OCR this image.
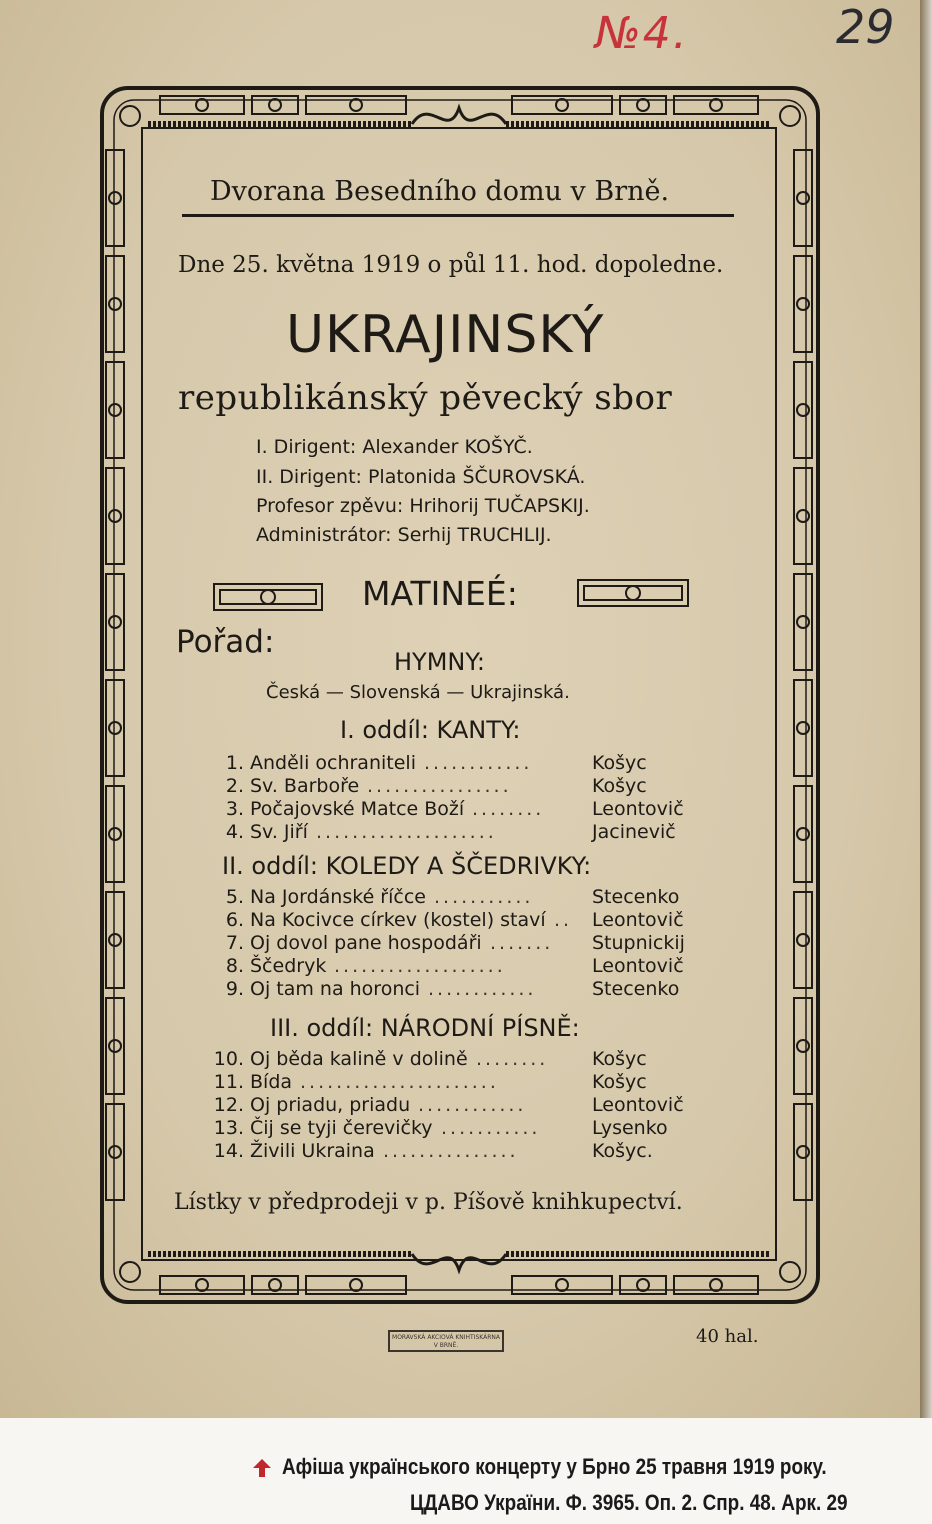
№4.	29
Dvorana Besedního domu v Brně.
Dne 25. května 1919 o půl 11. hod. dopoledne.
UKRAJINSKÝ
republikánský pěvecký sbor
I. Dirigent: Alexander KOŠYČ.
II. Dirigent: Platonida ŠČUROVSKÁ.
Profesor zpěvu: Hrihorij TUČAPSKIJ.
Administrátor: Serhij TRUCHLIJ.
MATINEÉ:
Pořad:
HYMNY:
Česká — Slovenská — Ukrajinská.
I. oddíl: KANTY:
II. oddíl: KOLEDY A ŠČEDRIVKY:
III. oddíl: NÁRODNÍ PÍSNĚ:
1. Anděli ochraniteli ............	Košyc
2. Sv. Barboře ................	Košyc
3. Počajovské Matce Boží ........	Leontovič
4. Sv. Jiří ....................	Jacinevič
5. Na Jordánské říčce ...........	Stecenko
6. Na Kocivce církev (kostel) staví .. Leontovič
7. Oj dovol pane hospodáři ....... Stupnickij
8. Ščedryk ...................	Leontovič
9. Oj tam na horonci ............	Stecenko
10. Oj běda kalině v dolině ........ Košyc
11. Bída ......................	Košyc
12. Oj priadu, priadu ............	Leontovič
13. Čij se tyji čerevičky ...........	Lysenko
14. Živili Ukraina ...............	Košyc.
Lístky v předprodeji v p. Píšově knihkupectví.
MORAVSKÁ AKCIOVÁ KNIHTISKÁRNA V BRNĚ.	40 hal.
Афіша українського концерту у Брно 25 травня 1919 року.
ЦДАВО України. Ф. 3965. Оп. 2. Спр. 48. Арк. 29
